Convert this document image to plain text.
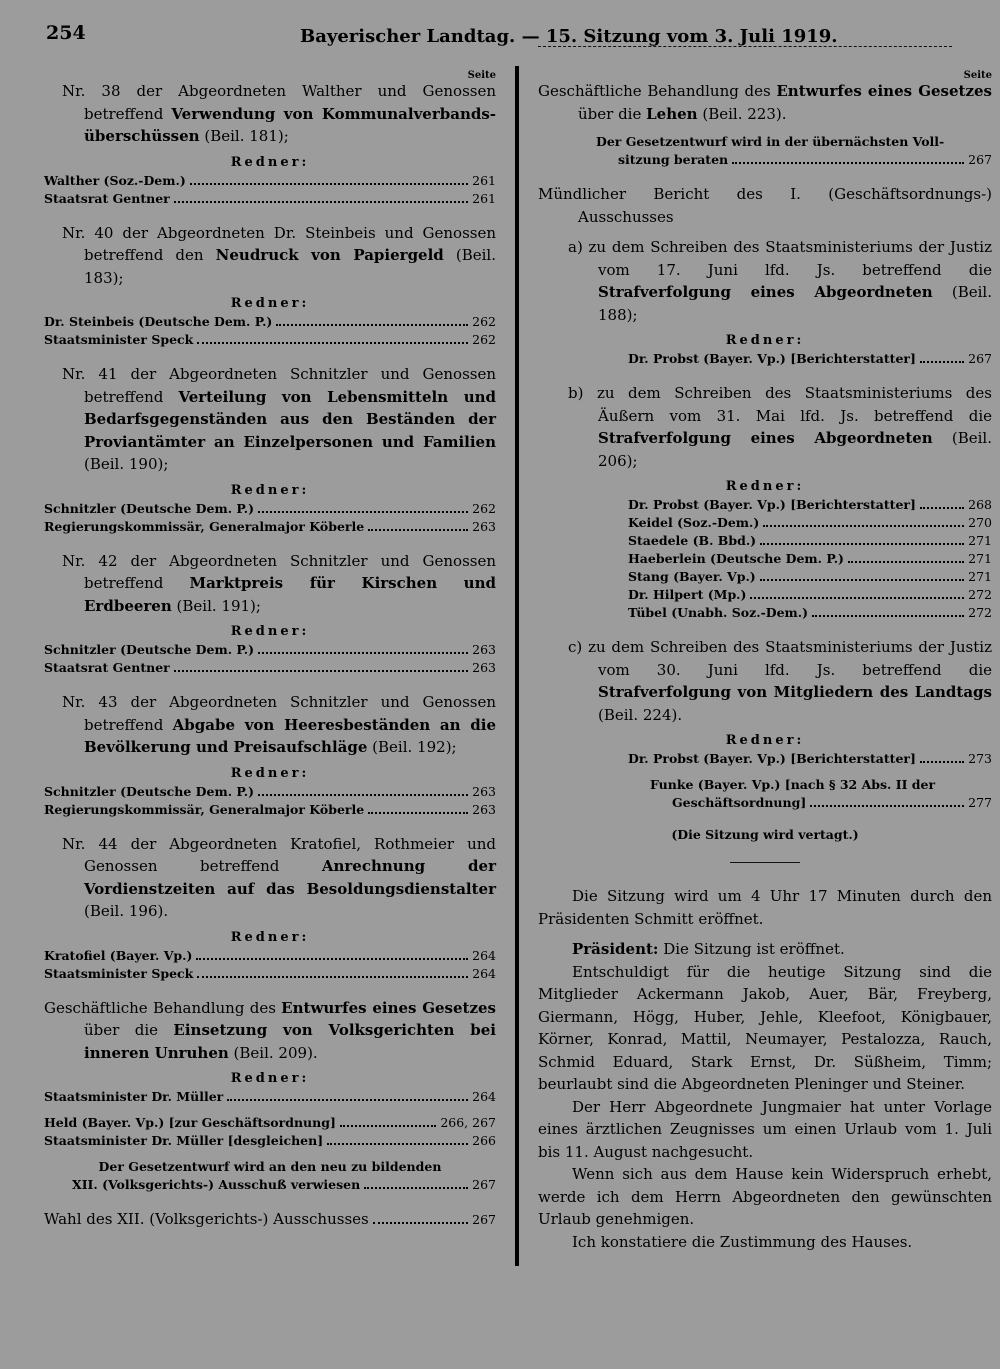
254	Bayerischer Landtag. — 15. Sitzung vom 3. Juli 1919.
Seite

Nr. 38 der Abgeordneten Walther und Genossen betreffend Verwendung von Kommunalverbands- überschüssen (Beil. 181);

Redner:
Walther (Soz.-Dem.)	261
Staatsrat Gentner	261

Nr. 40 der Abgeordneten Dr. Steinbeis und Genossen betreffend den Neudruck von Papiergeld (Beil. 183);

Redner:
Dr. Steinbeis (Deutsche Dem. P.)	262
Staatsminister Speck	262

Nr. 41 der Abgeordneten Schnitzler und Genossen betreffend Verteilung von Lebensmitteln und Bedarfsgegenständen aus den Beständen der Proviantämter an Einzelpersonen und Familien (Beil. 190);

Redner:
Schnitzler (Deutsche Dem. P.)	262
Regierungskommissär, Generalmajor Köberle	263

Nr. 42 der Abgeordneten Schnitzler und Genossen betreffend Marktpreis für Kirschen und Erdbeeren (Beil. 191);

Redner:
Schnitzler (Deutsche Dem. P.)	263
Staatsrat Gentner	263

Nr. 43 der Abgeordneten Schnitzler und Genossen betreffend Abgabe von Heeresbeständen an die Bevölkerung und Preisaufschläge (Beil. 192);

Redner:
Schnitzler (Deutsche Dem. P.)	263
Regierungskommissär, Generalmajor Köberle	263

Nr. 44 der Abgeordneten Kratofiel, Rothmeier und Genossen betreffend Anrechnung der Vordienstzeiten auf das Besoldungsdienstalter (Beil. 196).

Redner:
Kratofiel (Bayer. Vp.)	264
Staatsminister Speck	264

Geschäftliche Behandlung des Entwurfes eines Gesetzes über die Einsetzung von Volksgerichten bei inneren Unruhen (Beil. 209).

Redner:
Staatsminister Dr. Müller	264
Held (Bayer. Vp.) [zur Geschäftsordnung]	266, 267
Staatsminister Dr. Müller [desgleichen]	266
Der Gesetzentwurf wird an den neu zu bildenden
XII. (Volksgerichts-) Ausschuß verwiesen	267
Wahl des XII. (Volksgerichts-) Ausschusses	267
Seite

Geschäftliche Behandlung des Entwurfes eines Gesetzes über die Lehen (Beil. 223).

Der Gesetzentwurf wird in der übernächsten Voll-
sitzung beraten	267

Mündlicher Bericht des I. (Geschäftsordnungs-) Ausschusses

a) zu dem Schreiben des Staatsministeriums der Justiz vom 17. Juni lfd. Js. betreffend die Strafverfolgung eines Abgeordneten (Beil. 188);

Redner:
Dr. Probst (Bayer. Vp.) [Berichterstatter]	267

b) zu dem Schreiben des Staatsministeriums des Äußern vom 31. Mai lfd. Js. betreffend die Strafverfolgung eines Abgeordneten (Beil. 206);

Redner:
Dr. Probst (Bayer. Vp.) [Berichterstatter]	268
Keidel (Soz.-Dem.)	270
Staedele (B. Bbd.)	271
Haeberlein (Deutsche Dem. P.)	271
Stang (Bayer. Vp.)	271
Dr. Hilpert (Mp.)	272
Tübel (Unabh. Soz.-Dem.)	272

c) zu dem Schreiben des Staatsministeriums der Justiz vom 30. Juni lfd. Js. betreffend die Strafverfolgung von Mitgliedern des Landtags (Beil. 224).

Redner:
Dr. Probst (Bayer. Vp.) [Berichterstatter]	273
Funke (Bayer. Vp.) [nach § 32 Abs. II der
Geschäftsordnung]	277
(Die Sitzung wird vertagt.)

Die Sitzung wird um 4 Uhr 17 Minuten durch den Präsidenten Schmitt eröffnet.

Präsident: Die Sitzung ist eröffnet.

Entschuldigt für die heutige Sitzung sind die Mitglieder Ackermann Jakob, Auer, Bär, Freyberg, Giermann, Högg, Huber, Jehle, Kleefoot, Königbauer, Körner, Konrad, Mattil, Neumayer, Pestalozza, Rauch, Schmid Eduard, Stark Ernst, Dr. Süßheim, Timm; beurlaubt sind die Abgeordneten Pleninger und Steiner.

Der Herr Abgeordnete Jungmaier hat unter Vorlage eines ärztlichen Zeugnisses um einen Urlaub vom 1. Juli bis 11. August nachgesucht.

Wenn sich aus dem Hause kein Widerspruch erhebt, werde ich dem Herrn Abgeordneten den gewünschten Urlaub genehmigen.

Ich konstatiere die Zustimmung des Hauses.
